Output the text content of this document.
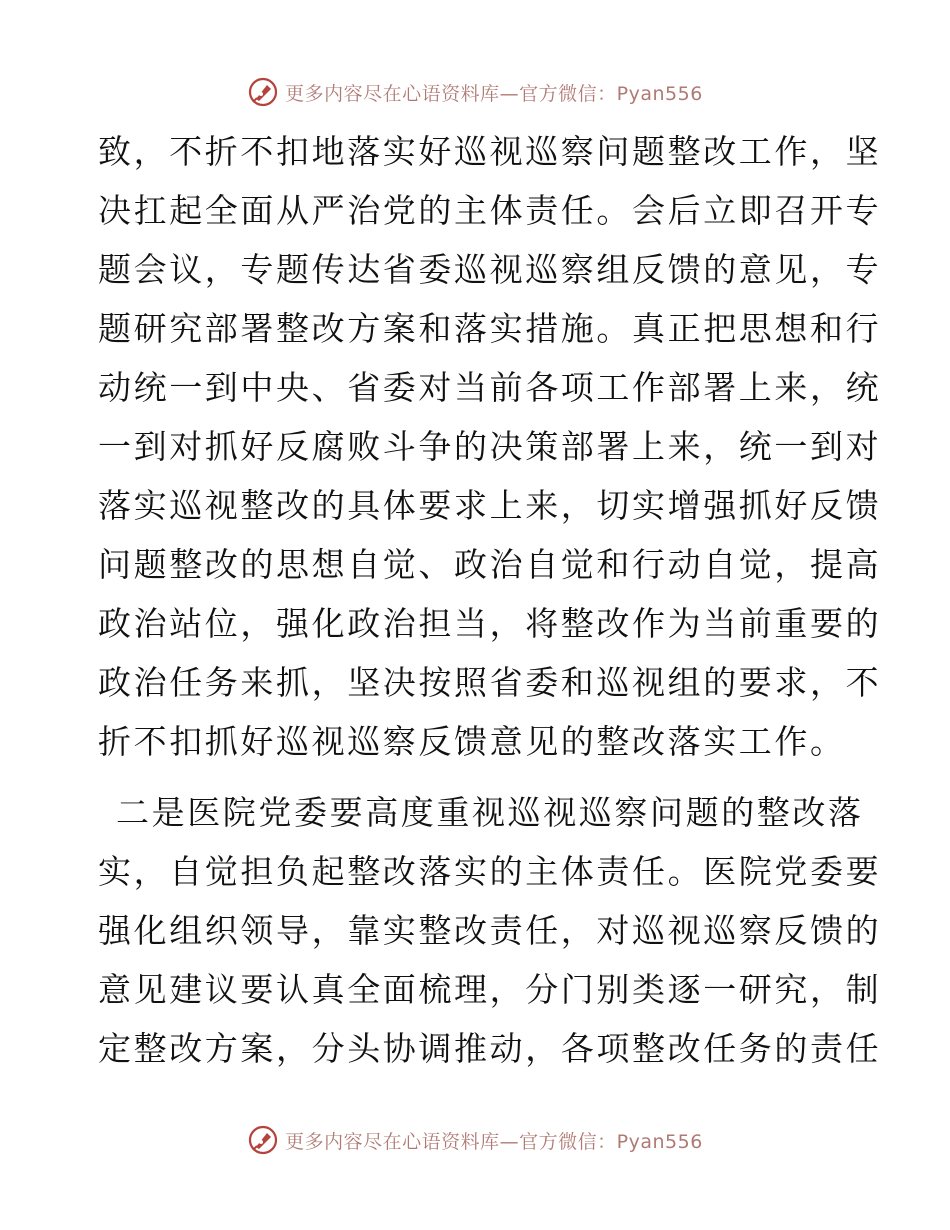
更多内容尽在心语资料库—官方微信：Pyan556
致，不折不扣地落实好巡视巡察问题整改工作，坚
决扛起全面从严治党的主体责任。会后立即召开专
题会议，专题传达省委巡视巡察组反馈的意见，专
题研究部署整改方案和落实措施。真正把思想和行
动统一到中央、省委对当前各项工作部署上来，统
一到对抓好反腐败斗争的决策部署上来，统一到对
落实巡视整改的具体要求上来，切实增强抓好反馈
问题整改的思想自觉、政治自觉和行动自觉，提高
政治站位，强化政治担当，将整改作为当前重要的
政治任务来抓，坚决按照省委和巡视组的要求，不
折不扣抓好巡视巡察反馈意见的整改落实工作。
二是医院党委要高度重视巡视巡察问题的整改落
实，自觉担负起整改落实的主体责任。医院党委要
强化组织领导，靠实整改责任，对巡视巡察反馈的
意见建议要认真全面梳理，分门别类逐一研究，制
定整改方案，分头协调推动，各项整改任务的责任
更多内容尽在心语资料库—官方微信：Pyan556
